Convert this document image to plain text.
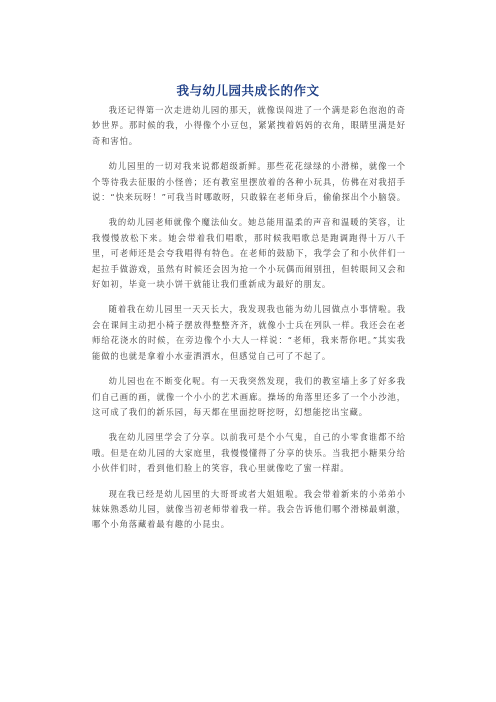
我与幼儿园共成长的作文

我还记得第一次走进幼儿园的那天，就像误闯进了一个满是彩色泡泡的奇妙世界。那时候的我，小得像个小豆包，紧紧拽着妈妈的衣角，眼睛里满是好奇和害怕。

幼儿园里的一切对我来说都超级新鲜。那些花花绿绿的小滑梯，就像一个个等待我去征服的小怪兽；还有教室里摆放着的各种小玩具，仿佛在对我招手说：“快来玩呀！”可我当时哪敢呀，只敢躲在老师身后，偷偷探出个小脑袋。

我的幼儿园老师就像个魔法仙女。她总能用温柔的声音和温暖的笑容，让我慢慢放松下来。她会带着我们唱歌，那时候我唱歌总是跑调跑得十万八千里，可老师还是会夸我唱得有特色。在老师的鼓励下，我学会了和小伙伴们一起拉手做游戏，虽然有时候还会因为抢一个小玩偶而闹别扭，但转眼间又会和好如初，毕竟一块小饼干就能让我们重新成为最好的朋友。

随着我在幼儿园里一天天长大，我发现我也能为幼儿园做点小事情啦。我会在课间主动把小椅子摆放得整整齐齐，就像小士兵在列队一样。我还会在老师给花浇水的时候，在旁边像个小大人一样说：“老师，我来帮你吧。”其实我能做的也就是拿着小水壶洒洒水，但感觉自己可了不起了。

幼儿园也在不断变化呢。有一天我突然发现，我们的教室墙上多了好多我们自己画的画，就像一个小小的艺术画廊。操场的角落里还多了一个小沙池，这可成了我们的新乐园，每天都在里面挖呀挖呀，幻想能挖出宝藏。

我在幼儿园里学会了分享。以前我可是个小气鬼，自己的小零食谁都不给哦。但是在幼儿园的大家庭里，我慢慢懂得了分享的快乐。当我把小糖果分给小伙伴们时，看到他们脸上的笑容，我心里就像吃了蜜一样甜。

现在我已经是幼儿园里的大哥哥或者大姐姐啦。我会带着新来的小弟弟小妹妹熟悉幼儿园，就像当初老师带着我一样。我会告诉他们哪个滑梯最刺激，哪个小角落藏着最有趣的小昆虫。
